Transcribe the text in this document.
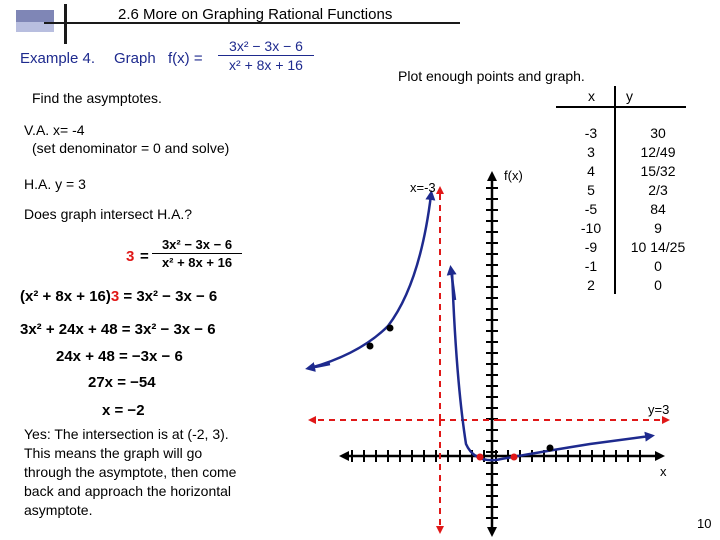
2.6 More on Graphing Rational Functions
Example 4. Graph $f(x) = \frac{\text{3x² − 3x − 6}}{\text{x² + 8x + 16}}$
Find the asymptotes.
V.A. x= -4
(set denominator = 0 and solve)
H.A. y = 3
Does graph intersect H.A.?
$3 = \frac{\text{3x² − 3x − 6}}{\text{x² + 8x + 16}}$
(x² + 8x + 16)3 = 3x² − 3x − 6
3x² + 24x + 48 = 3x² − 3x − 6
24x + 48 = −3x − 6
27x = −54
x = −2
Yes: The intersection is at (-2, 3).
This means the graph will go
through the asymptote, then come
back and approach the horizontal
asymptote.
Plot enough points and graph.
x y
-3
3
4
5
-5
-10
-9
-1
2
30
12/49
15/32
2/3
84
9
10 14/25
0
0
x=-3
f(x)
y=3
x
10
